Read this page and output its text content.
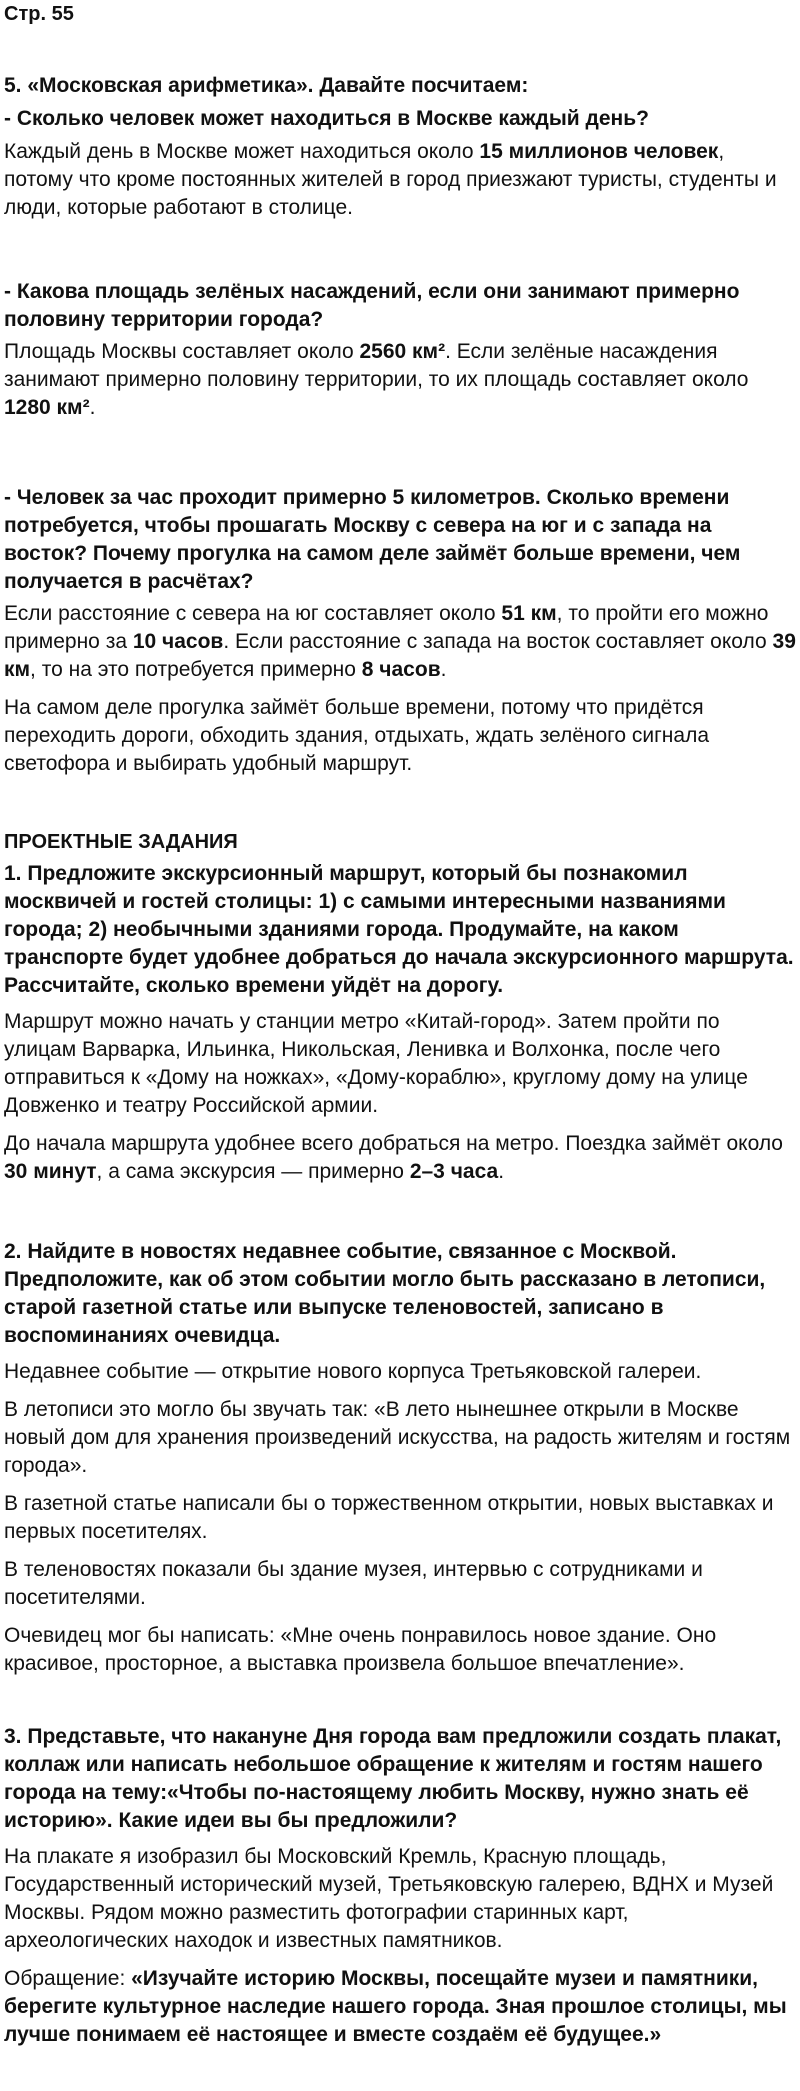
Стр. 55

5. «Московская арифметика». Давайте посчитаем:

- Сколько человек может находиться в Москве каждый день?

Каждый день в Москве может находиться около 15 миллионов человек, потому что кроме постоянных жителей в город приезжают туристы, студенты и люди, которые работают в столице.

- Какова площадь зелёных насаждений, если они занимают примерно половину территории города?

Площадь Москвы составляет около 2560 км². Если зелёные насаждения занимают примерно половину территории, то их площадь составляет около 1280 км².

- Человек за час проходит примерно 5 километров. Сколько времени потребуется, чтобы прошагать Москву с севера на юг и с запада на восток? Почему прогулка на самом деле займёт больше времени, чем получается в расчётах?

Если расстояние с севера на юг составляет около 51 км, то пройти его можно примерно за 10 часов. Если расстояние с запада на восток составляет около 39 км, то на это потребуется примерно 8 часов.

На самом деле прогулка займёт больше времени, потому что придётся переходить дороги, обходить здания, отдыхать, ждать зелёного сигнала светофора и выбирать удобный маршрут.

ПРОЕКТНЫЕ ЗАДАНИЯ

1. Предложите экскурсионный маршрут, который бы познакомил москвичей и гостей столицы: 1) с самыми интересными названиями города; 2) необычными зданиями города. Продумайте, на каком транспорте будет удобнее добраться до начала экскурсионного маршрута. Рассчитайте, сколько времени уйдёт на дорогу.

Маршрут можно начать у станции метро «Китай-город». Затем пройти по улицам Варварка, Ильинка, Никольская, Ленивка и Волхонка, после чего отправиться к «Дому на ножках», «Дому-кораблю», круглому дому на улице Довженко и театру Российской армии.

До начала маршрута удобнее всего добраться на метро. Поездка займёт около 30 минут, а сама экскурсия — примерно 2–3 часа.

2. Найдите в новостях недавнее событие, связанное с Москвой. Предположите, как об этом событии могло быть рассказано в летописи, старой газетной статье или выпуске теленовостей, записано в воспоминаниях очевидца.

Недавнее событие — открытие нового корпуса Третьяковской галереи.

В летописи это могло бы звучать так: «В лето нынешнее открыли в Москве новый дом для хранения произведений искусства, на радость жителям и гостям города».

В газетной статье написали бы о торжественном открытии, новых выставках и первых посетителях.

В теленовостях показали бы здание музея, интервью с сотрудниками и посетителями.

Очевидец мог бы написать: «Мне очень понравилось новое здание. Оно красивое, просторное, а выставка произвела большое впечатление».

3. Представьте, что накануне Дня города вам предложили создать плакат, коллаж или написать небольшое обращение к жителям и гостям нашего города на тему:«Чтобы по-настоящему любить Москву, нужно знать её историю». Какие идеи вы бы предложили?

На плакате я изобразил бы Московский Кремль, Красную площадь, Государственный исторический музей, Третьяковскую галерею, ВДНХ и Музей Москвы. Рядом можно разместить фотографии старинных карт, археологических находок и известных памятников.

Обращение: «Изучайте историю Москвы, посещайте музеи и памятники, берегите культурное наследие нашего города. Зная прошлое столицы, мы лучше понимаем её настоящее и вместе создаём её будущее.»
